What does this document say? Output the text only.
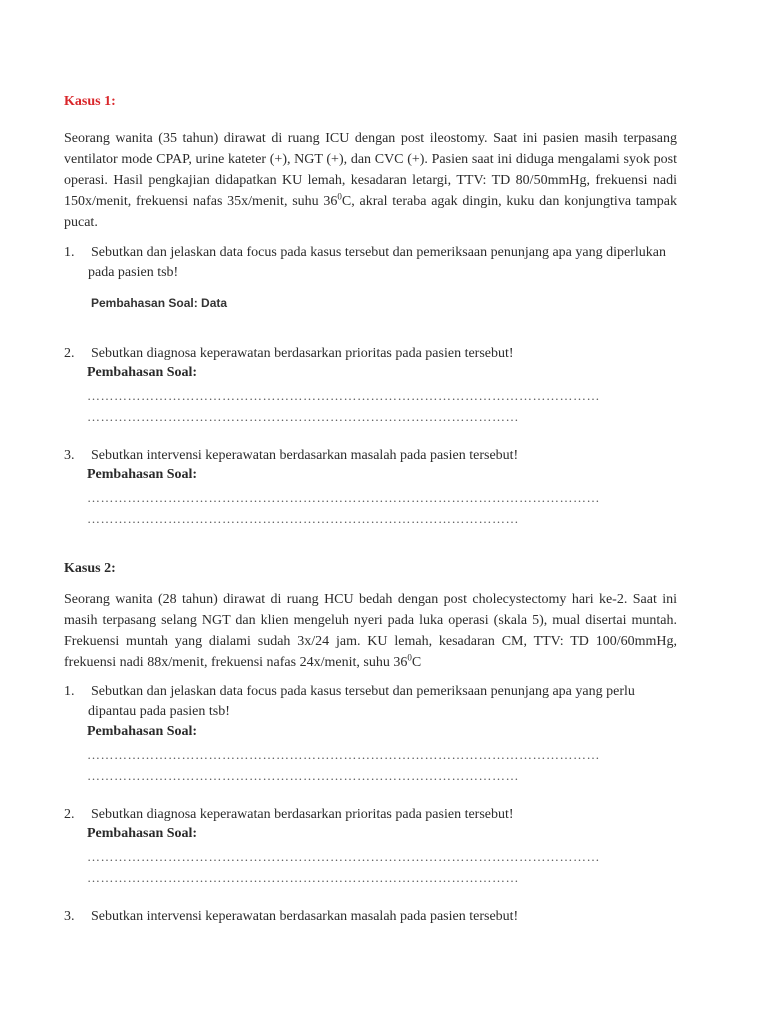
Kasus 1:
Seorang wanita (35 tahun) dirawat di ruang ICU dengan post ileostomy. Saat ini pasien masih terpasang ventilator mode CPAP, urine kateter (+), NGT (+), dan CVC (+). Pasien saat ini diduga mengalami syok post operasi. Hasil pengkajian didapatkan KU lemah, kesadaran letargi, TTV: TD 80/50mmHg, frekuensi nadi 150x/menit, frekuensi nafas 35x/menit, suhu $36^0C$, akral teraba agak dingin, kuku dan konjungtiva tampak pucat.
1. Sebutkan dan jelaskan data focus pada kasus tersebut dan pemeriksaan penunjang apa yang diperlukan pada pasien tsb!
Pembahasan Soal: Data
2. Sebutkan diagnosa keperawatan berdasarkan prioritas pada pasien tersebut!
Pembahasan Soal:
……………………………………………………………………………………………………
……………………………………………………………………………………
3. Sebutkan intervensi keperawatan berdasarkan masalah pada pasien tersebut!
Pembahasan Soal:
……………………………………………………………………………………………………
……………………………………………………………………………………
Kasus 2:
Seorang wanita (28 tahun) dirawat di ruang HCU bedah dengan post cholecystectomy hari ke-2. Saat ini masih terpasang selang NGT dan klien mengeluh nyeri pada luka operasi (skala 5), mual disertai muntah. Frekuensi muntah yang dialami sudah 3x/24 jam. KU lemah, kesadaran CM, TTV: TD 100/60mmHg, frekuensi nadi 88x/menit, frekuensi nafas 24x/menit, suhu $36^0C$
1. Sebutkan dan jelaskan data focus pada kasus tersebut dan pemeriksaan penunjang apa yang perlu dipantau pada pasien tsb!
Pembahasan Soal:
……………………………………………………………………………………………………
……………………………………………………………………………………
2. Sebutkan diagnosa keperawatan berdasarkan prioritas pada pasien tersebut!
Pembahasan Soal:
……………………………………………………………………………………………………
……………………………………………………………………………………
3. Sebutkan intervensi keperawatan berdasarkan masalah pada pasien tersebut!
